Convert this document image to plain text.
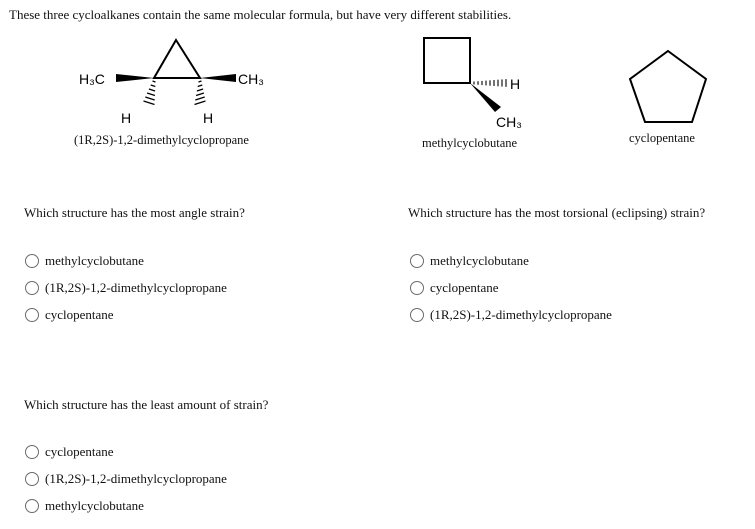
These three cycloalkanes contain the same molecular formula, but have very different stabilities.
H₃C	CH₃
H	H
H
CH₃
(1R,2S)-1,2-dimethylcyclopropane	methylcyclobutane	cyclopentane
Which structure has the most angle strain?
methylcyclobutane
(1R,2S)-1,2-dimethylcyclopropane
cyclopentane
Which structure has the most torsional (eclipsing) strain?
methylcyclobutane
cyclopentane
(1R,2S)-1,2-dimethylcyclopropane
Which structure has the least amount of strain?
cyclopentane
(1R,2S)-1,2-dimethylcyclopropane
methylcyclobutane
